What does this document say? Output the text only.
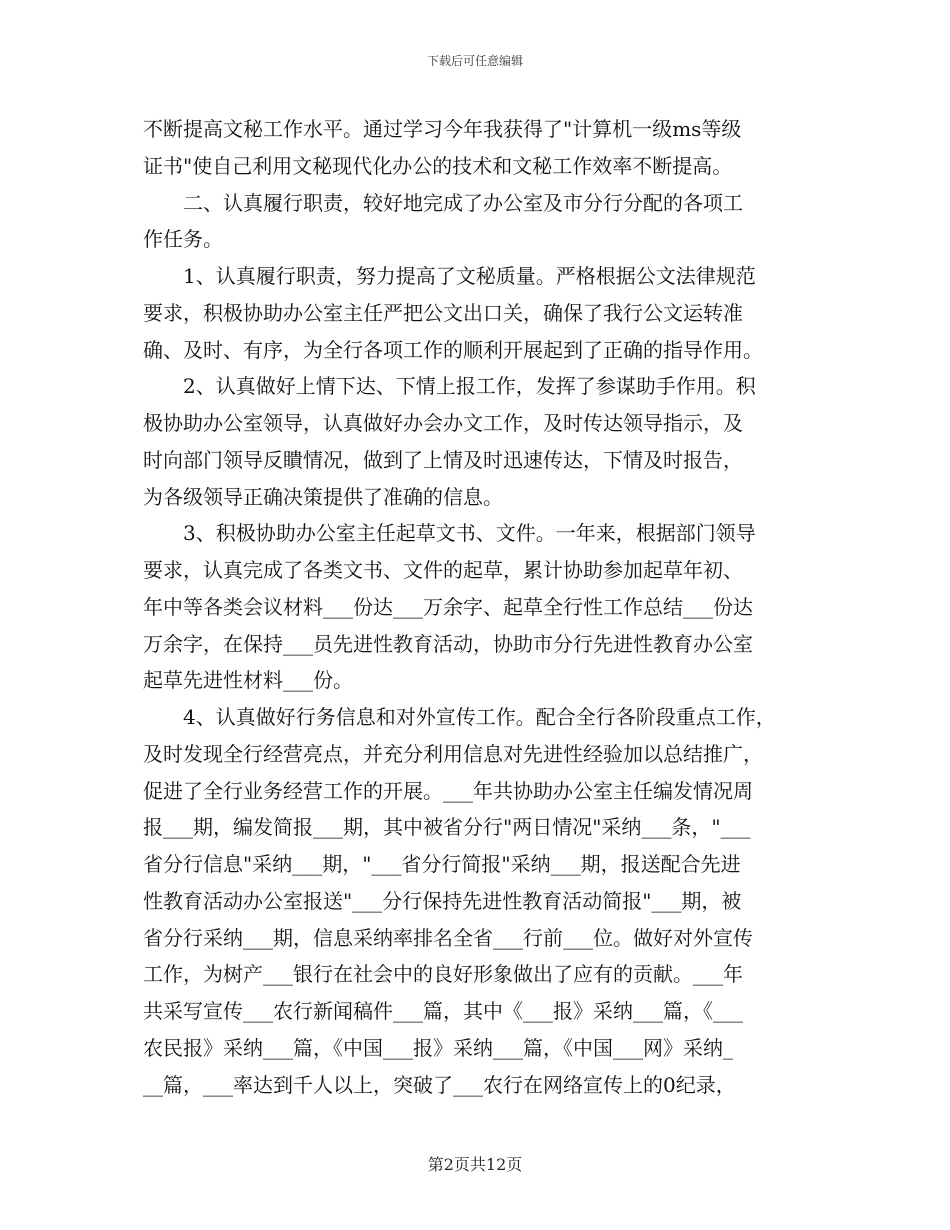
下载后可任意编辑
不断提高文秘工作水平。通过学习今年我获得了"计算机一级ms等级
证书"使自己利用文秘现代化办公的技术和文秘工作效率不断提高。
二、认真履行职责，较好地完成了办公室及市分行分配的各项工
作任务。
1、认真履行职责，努力提高了文秘质量。严格根据公文法律规范
要求，积极协助办公室主任严把公文出口关，确保了我行公文运转准
确、及时、有序，为全行各项工作的顺利开展起到了正确的指导作用。
2、认真做好上情下达、下情上报工作，发挥了参谋助手作用。积
极协助办公室领导，认真做好办会办文工作，及时传达领导指示，及
时向部门领导反瞶情况，做到了上情及时迅速传达，下情及时报告，
为各级领导正确决策提供了准确的信息。
3、积极协助办公室主任起草文书、文件。一年来，根据部门领导
要求，认真完成了各类文书、文件的起草，累计协助参加起草年初、
年中等各类会议材料___份达___万余字、起草全行性工作总结___份达
万余字，在保持___员先进性教育活动，协助市分行先进性教育办公室
起草先进性材料___份。
4、认真做好行务信息和对外宣传工作。配合全行各阶段重点工作，
及时发现全行经营亮点，并充分利用信息对先进性经验加以总结推广，
促进了全行业务经营工作的开展。___年共协助办公室主任编发情况周
报___期，编发简报___期，其中被省分行"两日情况"采纳___条，"___
省分行信息"采纳___期，"___省分行简报"采纳___期，报送配合先进
性教育活动办公室报送"___分行保持先进性教育活动简报"___期，被
省分行采纳___期，信息采纳率排名全省___行前___位。做好对外宣传
工作，为树产___银行在社会中的良好形象做出了应有的贡献。___年
共采写宣传___农行新闻稿件___篇，其中《___报》采纳___篇，《___
农民报》采纳___篇，《中国___报》采纳___篇，《中国___网》采纳_
__篇，___率达到千人以上，突破了___农行在网络宣传上的0纪录，
第2页共12页
